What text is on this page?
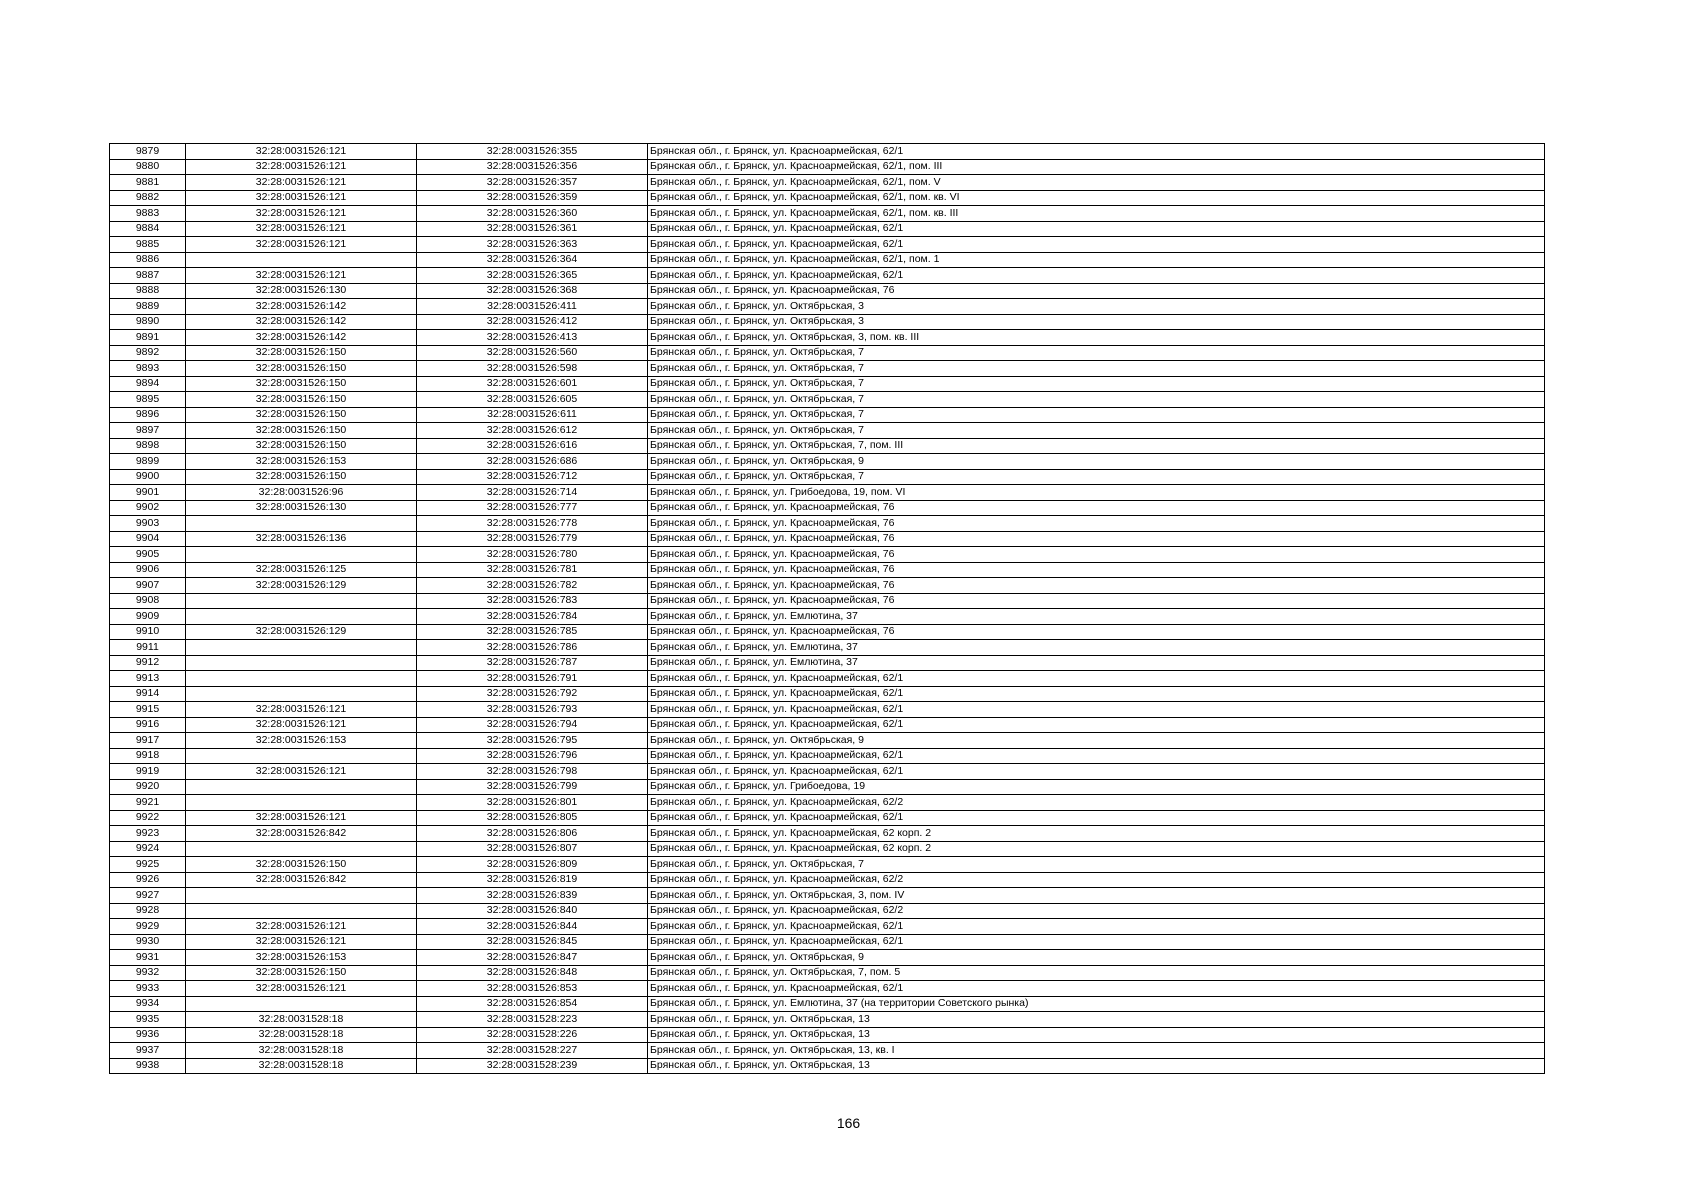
9879	32:28:0031526:121	32:28:0031526:355	Брянская обл., г. Брянск, ул. Красноармейская, 62/1
9880	32:28:0031526:121	32:28:0031526:356	Брянская обл., г. Брянск, ул. Красноармейская, 62/1, пом. III
9881	32:28:0031526:121	32:28:0031526:357	Брянская обл., г. Брянск, ул. Красноармейская, 62/1, пом. V
9882	32:28:0031526:121	32:28:0031526:359	Брянская обл., г. Брянск, ул. Красноармейская, 62/1, пом. кв. VI
9883	32:28:0031526:121	32:28:0031526:360	Брянская обл., г. Брянск, ул. Красноармейская, 62/1, пом. кв. III
9884	32:28:0031526:121	32:28:0031526:361	Брянская обл., г. Брянск, ул. Красноармейская, 62/1
9885	32:28:0031526:121	32:28:0031526:363	Брянская обл., г. Брянск, ул. Красноармейская, 62/1
9886		32:28:0031526:364	Брянская обл., г. Брянск, ул. Красноармейская, 62/1, пом. 1
9887	32:28:0031526:121	32:28:0031526:365	Брянская обл., г. Брянск, ул. Красноармейская, 62/1
9888	32:28:0031526:130	32:28:0031526:368	Брянская обл., г. Брянск, ул. Красноармейская, 76
9889	32:28:0031526:142	32:28:0031526:411	Брянская обл., г. Брянск, ул. Октябрьская, 3
9890	32:28:0031526:142	32:28:0031526:412	Брянская обл., г. Брянск, ул. Октябрьская, 3
9891	32:28:0031526:142	32:28:0031526:413	Брянская обл., г. Брянск, ул. Октябрьская, 3, пом. кв. III
9892	32:28:0031526:150	32:28:0031526:560	Брянская обл., г. Брянск, ул. Октябрьская, 7
9893	32:28:0031526:150	32:28:0031526:598	Брянская обл., г. Брянск, ул. Октябрьская, 7
9894	32:28:0031526:150	32:28:0031526:601	Брянская обл., г. Брянск, ул. Октябрьская, 7
9895	32:28:0031526:150	32:28:0031526:605	Брянская обл., г. Брянск, ул. Октябрьская, 7
9896	32:28:0031526:150	32:28:0031526:611	Брянская обл., г. Брянск, ул. Октябрьская, 7
9897	32:28:0031526:150	32:28:0031526:612	Брянская обл., г. Брянск, ул. Октябрьская, 7
9898	32:28:0031526:150	32:28:0031526:616	Брянская обл., г. Брянск, ул. Октябрьская, 7, пом. III
9899	32:28:0031526:153	32:28:0031526:686	Брянская обл., г. Брянск, ул. Октябрьская, 9
9900	32:28:0031526:150	32:28:0031526:712	Брянская обл., г. Брянск, ул. Октябрьская, 7
9901	32:28:0031526:96	32:28:0031526:714	Брянская обл., г. Брянск, ул. Грибоедова, 19, пом. VI
9902	32:28:0031526:130	32:28:0031526:777	Брянская обл., г. Брянск, ул. Красноармейская, 76
9903		32:28:0031526:778	Брянская обл., г. Брянск, ул. Красноармейская, 76
9904	32:28:0031526:136	32:28:0031526:779	Брянская обл., г. Брянск, ул. Красноармейская, 76
9905		32:28:0031526:780	Брянская обл., г. Брянск, ул. Красноармейская, 76
9906	32:28:0031526:125	32:28:0031526:781	Брянская обл., г. Брянск, ул. Красноармейская, 76
9907	32:28:0031526:129	32:28:0031526:782	Брянская обл., г. Брянск, ул. Красноармейская, 76
9908		32:28:0031526:783	Брянская обл., г. Брянск, ул. Красноармейская, 76
9909		32:28:0031526:784	Брянская обл., г. Брянск, ул. Емлютина, 37
9910	32:28:0031526:129	32:28:0031526:785	Брянская обл., г. Брянск, ул. Красноармейская, 76
9911		32:28:0031526:786	Брянская обл., г. Брянск, ул. Емлютина, 37
9912		32:28:0031526:787	Брянская обл., г. Брянск, ул. Емлютина, 37
9913		32:28:0031526:791	Брянская обл., г. Брянск, ул. Красноармейская, 62/1
9914		32:28:0031526:792	Брянская обл., г. Брянск, ул. Красноармейская, 62/1
9915	32:28:0031526:121	32:28:0031526:793	Брянская обл., г. Брянск, ул. Красноармейская, 62/1
9916	32:28:0031526:121	32:28:0031526:794	Брянская обл., г. Брянск, ул. Красноармейская, 62/1
9917	32:28:0031526:153	32:28:0031526:795	Брянская обл., г. Брянск, ул. Октябрьская, 9
9918		32:28:0031526:796	Брянская обл., г. Брянск, ул. Красноармейская, 62/1
9919	32:28:0031526:121	32:28:0031526:798	Брянская обл., г. Брянск, ул. Красноармейская, 62/1
9920		32:28:0031526:799	Брянская обл., г. Брянск, ул. Грибоедова, 19
9921		32:28:0031526:801	Брянская обл., г. Брянск, ул. Красноармейская, 62/2
9922	32:28:0031526:121	32:28:0031526:805	Брянская обл., г. Брянск, ул. Красноармейская, 62/1
9923	32:28:0031526:842	32:28:0031526:806	Брянская обл., г. Брянск, ул. Красноармейская, 62 корп. 2
9924		32:28:0031526:807	Брянская обл., г. Брянск, ул. Красноармейская, 62 корп. 2
9925	32:28:0031526:150	32:28:0031526:809	Брянская обл., г. Брянск, ул. Октябрьская, 7
9926	32:28:0031526:842	32:28:0031526:819	Брянская обл., г. Брянск, ул. Красноармейская, 62/2
9927		32:28:0031526:839	Брянская обл., г. Брянск, ул. Октябрьская, 3, пом. IV
9928		32:28:0031526:840	Брянская обл., г. Брянск, ул. Красноармейская, 62/2
9929	32:28:0031526:121	32:28:0031526:844	Брянская обл., г. Брянск, ул. Красноармейская, 62/1
9930	32:28:0031526:121	32:28:0031526:845	Брянская обл., г. Брянск, ул. Красноармейская, 62/1
9931	32:28:0031526:153	32:28:0031526:847	Брянская обл., г. Брянск, ул. Октябрьская, 9
9932	32:28:0031526:150	32:28:0031526:848	Брянская обл., г. Брянск, ул. Октябрьская, 7, пом. 5
9933	32:28:0031526:121	32:28:0031526:853	Брянская обл., г. Брянск, ул. Красноармейская, 62/1
9934		32:28:0031526:854	Брянская обл., г. Брянск, ул. Емлютина, 37 (на территории Советского рынка)
9935	32:28:0031528:18	32:28:0031528:223	Брянская обл., г. Брянск, ул. Октябрьская, 13
9936	32:28:0031528:18	32:28:0031528:226	Брянская обл., г. Брянск, ул. Октябрьская, 13
9937	32:28:0031528:18	32:28:0031528:227	Брянская обл., г. Брянск, ул. Октябрьская, 13, кв. I
9938	32:28:0031528:18	32:28:0031528:239	Брянская обл., г. Брянск, ул. Октябрьская, 13
166
